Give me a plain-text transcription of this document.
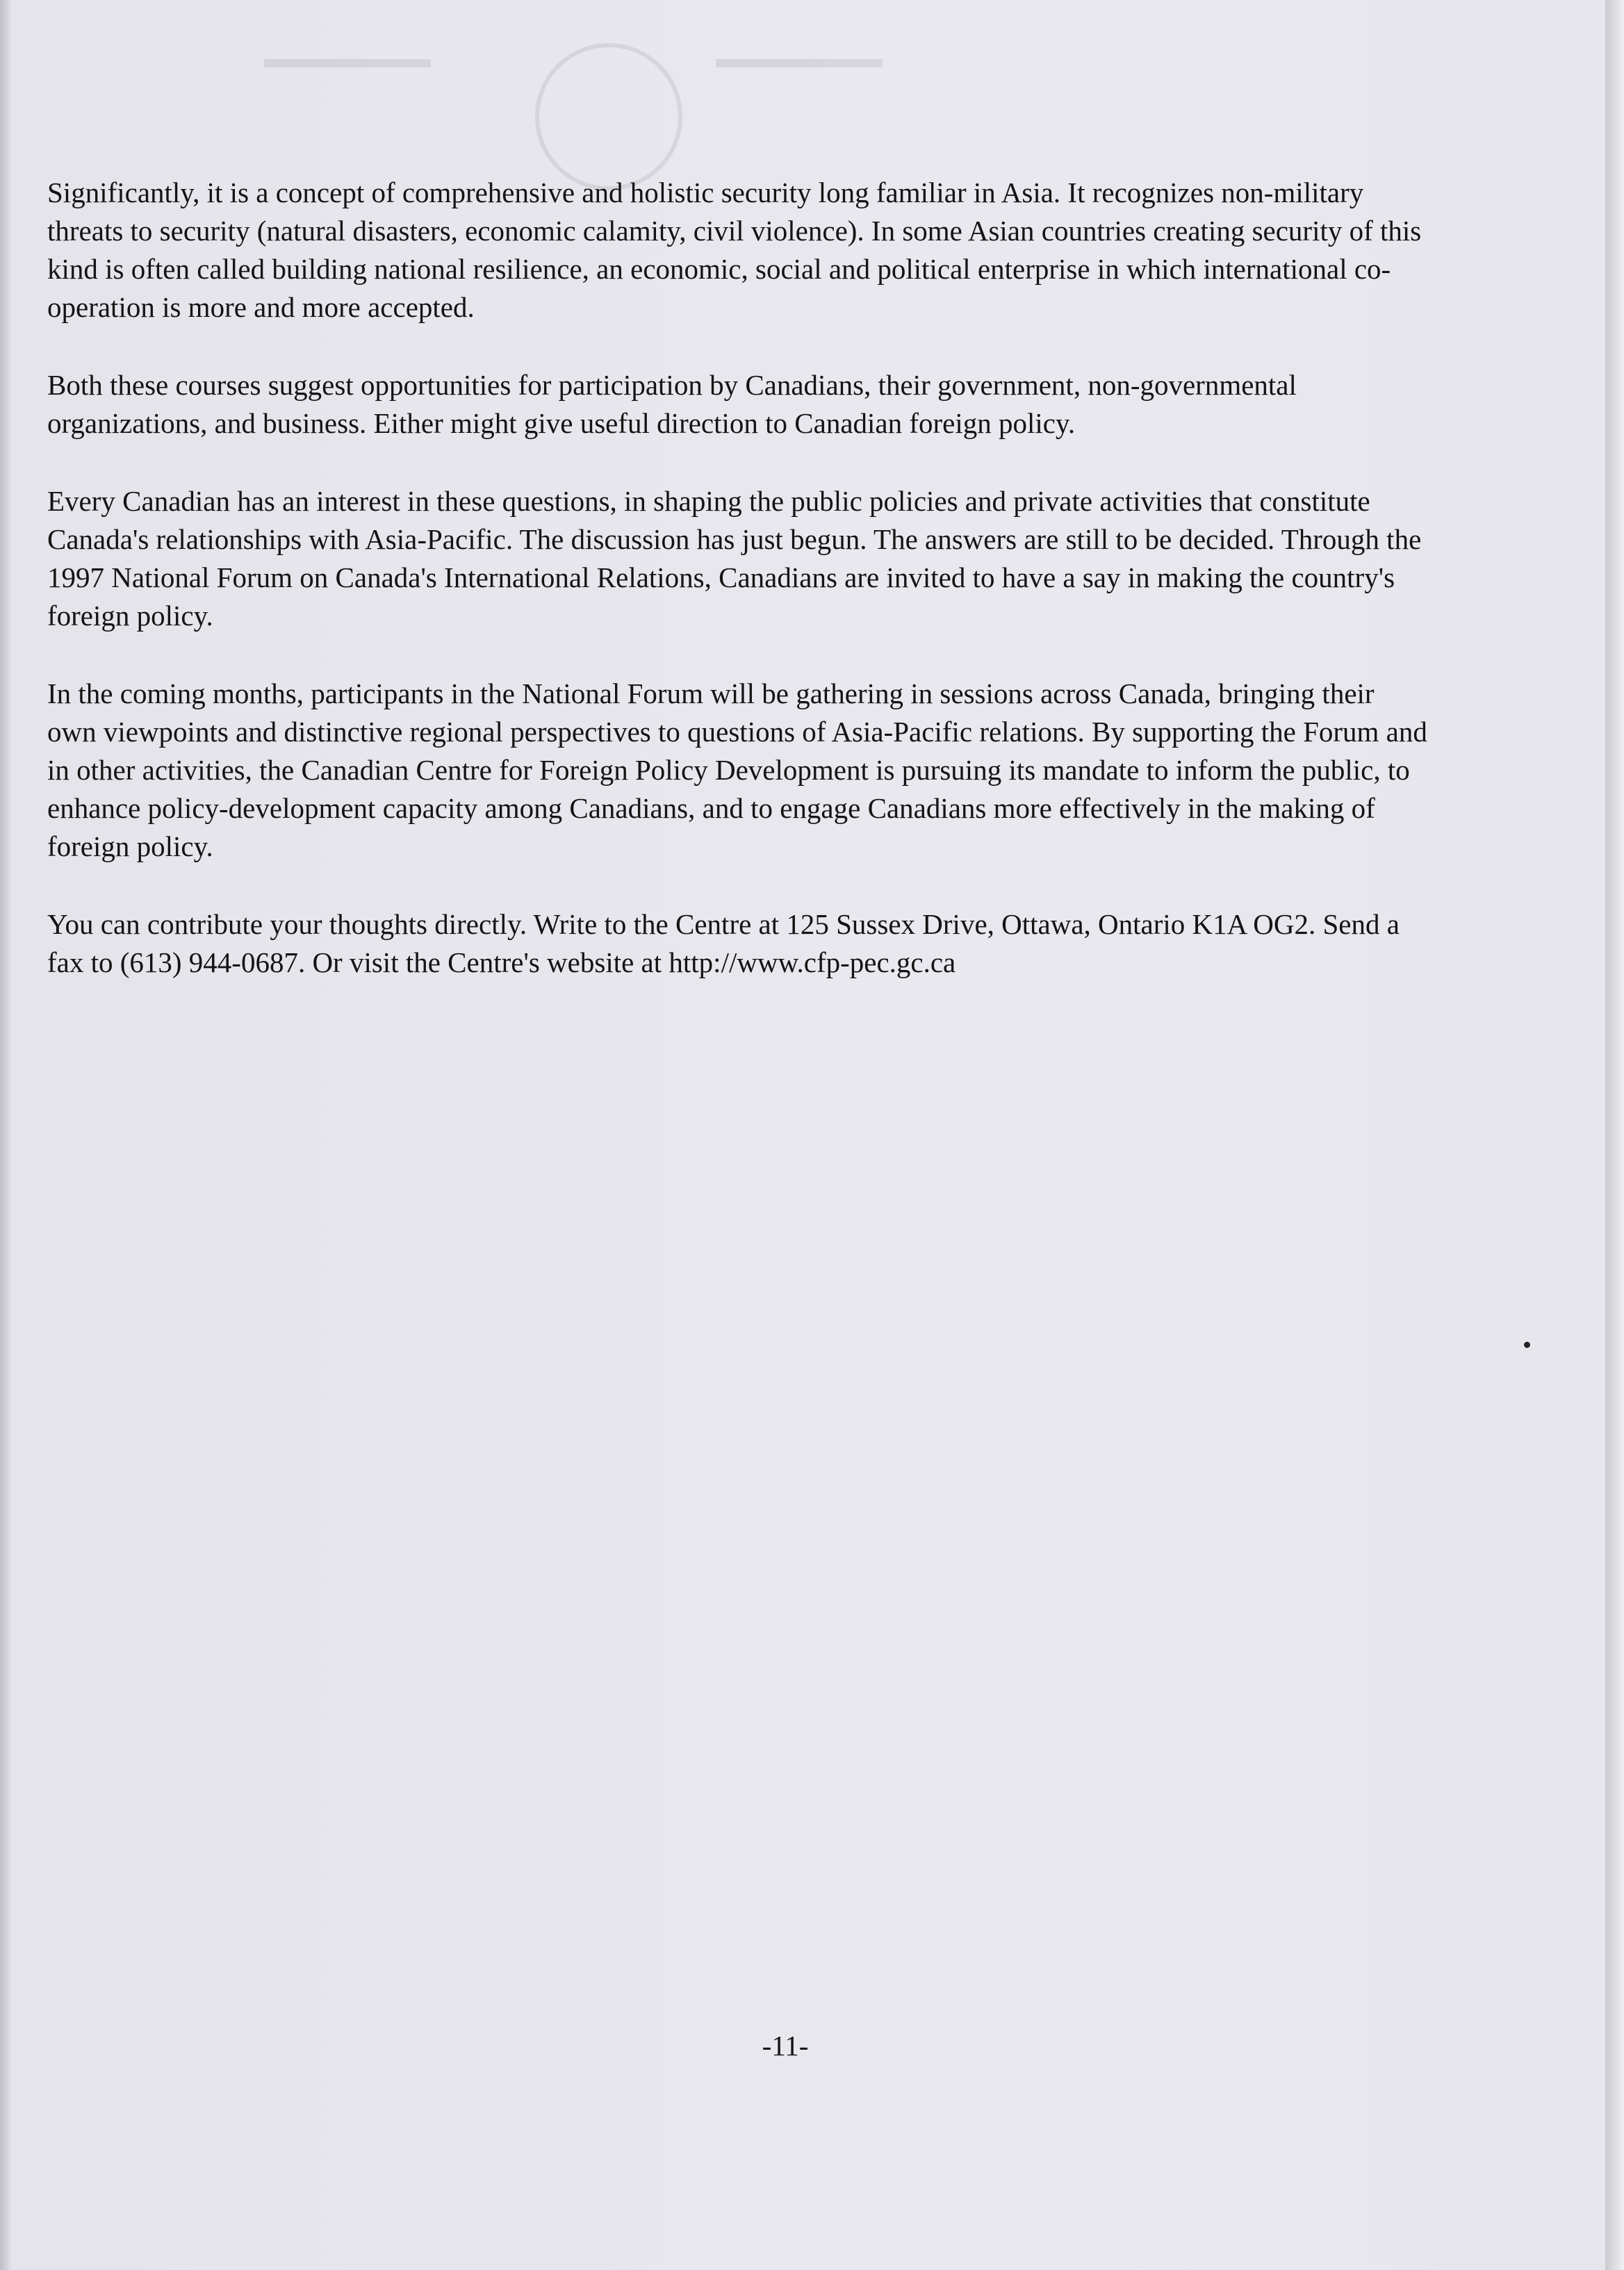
▬▬▬▬▬▬
▬▬▬▬▬▬

Significantly, it is a concept of comprehensive and holistic security long familiar in Asia. It recognizes non-military threats to security (natural disasters, economic calamity, civil violence). In some Asian countries creating security of this kind is often called building national resilience, an economic, social and political enterprise in which international co-operation is more and more accepted.

Both these courses suggest opportunities for participation by Canadians, their government, non-governmental organizations, and business. Either might give useful direction to Canadian foreign policy.

Every Canadian has an interest in these questions, in shaping the public policies and private activities that constitute Canada's relationships with Asia-Pacific. The discussion has just begun. The answers are still to be decided. Through the 1997 National Forum on Canada's International Relations, Canadians are invited to have a say in making the country's foreign policy.

In the coming months, participants in the National Forum will be gathering in sessions across Canada, bringing their own viewpoints and distinctive regional perspectives to questions of Asia-Pacific relations. By supporting the Forum and in other activities, the Canadian Centre for Foreign Policy Development is pursuing its mandate to inform the public, to enhance policy-development capacity among Canadians, and to engage Canadians more effectively in the making of foreign policy.

You can contribute your thoughts directly. Write to the Centre at 125 Sussex Drive, Ottawa, Ontario K1A OG2. Send a fax to (613) 944-0687. Or visit the Centre's website at http://www.cfp-pec.gc.ca

-11-
